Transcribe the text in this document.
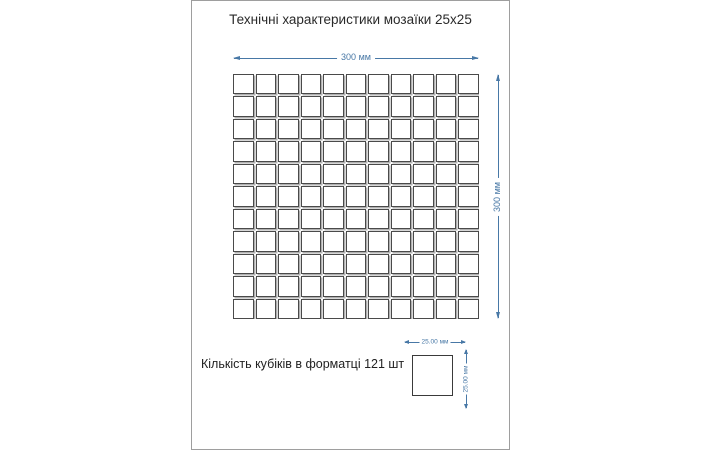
Технічні характеристики мозаїки 25х25
300 мм
300 мм
Кількість кубіків в форматці 121 шт
25.00 мм
25.00 мм
